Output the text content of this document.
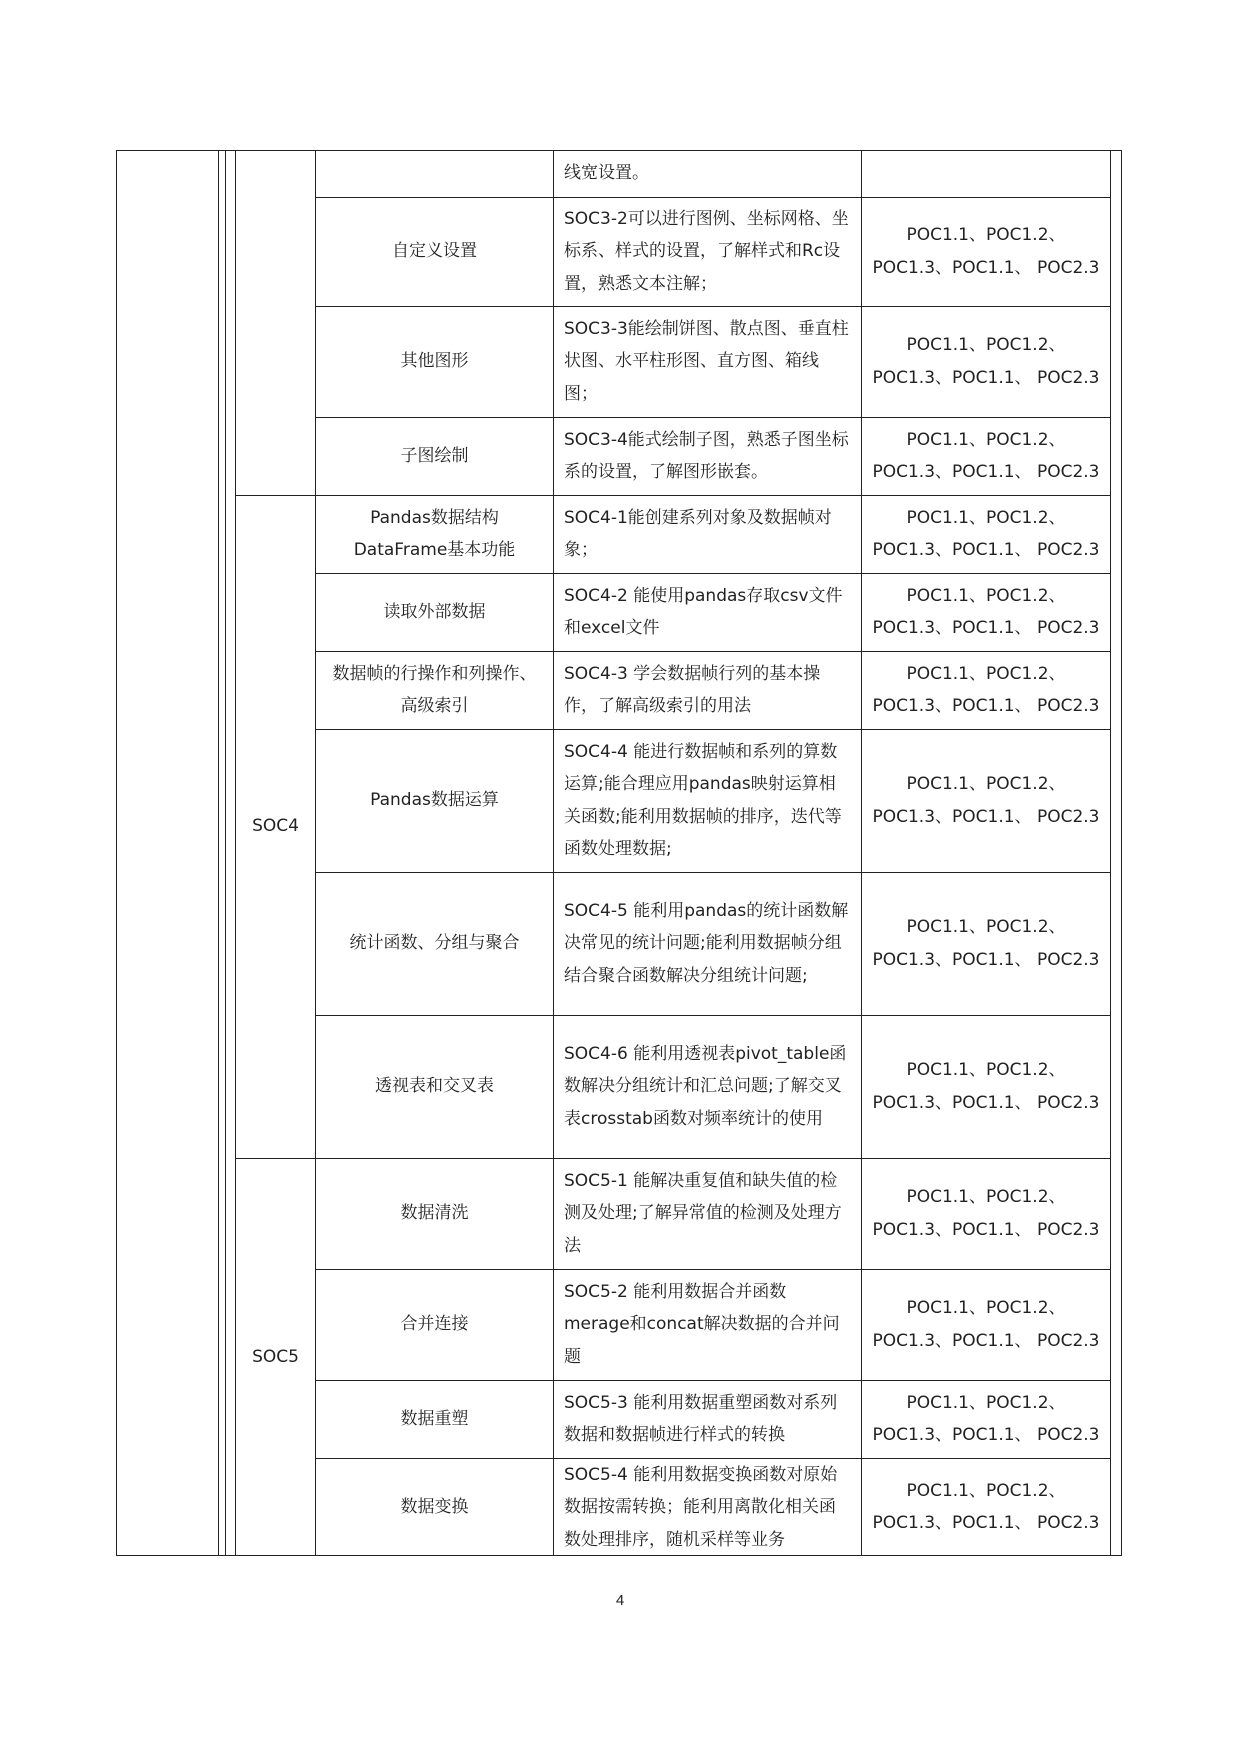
		线宽设置。	
	自定义设置	SOC3-2可以进行图例、坐标网格、坐标系、样式的设置，了解样式和Rc设置，熟悉文本注解；	POC1.1、POC1.2、 POC1.3、POC1.1、 POC2.3
	其他图形	SOC3-3能绘制饼图、散点图、垂直柱状图、水平柱形图、直方图、箱线图；	POC1.1、POC1.2、 POC1.3、POC1.1、 POC2.3
	子图绘制	SOC3-4能式绘制子图，熟悉子图坐标系的设置，了解图形嵌套。	POC1.1、POC1.2、 POC1.3、POC1.1、 POC2.3
SOC4	Pandas数据结构DataFrame基本功能	SOC4-1能创建系列对象及数据帧对象；	POC1.1、POC1.2、 POC1.3、POC1.1、 POC2.3
	读取外部数据	SOC4-2 能使用pandas存取csv文件和excel文件	POC1.1、POC1.2、 POC1.3、POC1.1、 POC2.3
	数据帧的行操作和列操作、高级索引	SOC4-3 学会数据帧行列的基本操作，了解高级索引的用法	POC1.1、POC1.2、 POC1.3、POC1.1、 POC2.3
	Pandas数据运算	SOC4-4 能进行数据帧和系列的算数运算;能合理应用pandas映射运算相关函数;能利用数据帧的排序，迭代等函数处理数据;	POC1.1、POC1.2、 POC1.3、POC1.1、 POC2.3
	统计函数、分组与聚合	SOC4-5 能利用pandas的统计函数解决常见的统计问题;能利用数据帧分组结合聚合函数解决分组统计问题;	POC1.1、POC1.2、 POC1.3、POC1.1、 POC2.3
	透视表和交叉表	SOC4-6 能利用透视表pivot_table函数解决分组统计和汇总问题;了解交叉表crosstab函数对频率统计的使用	POC1.1、POC1.2、 POC1.3、POC1.1、 POC2.3
SOC5	数据清洗	SOC5-1 能解决重复值和缺失值的检测及处理;了解异常值的检测及处理方法	POC1.1、POC1.2、 POC1.3、POC1.1、 POC2.3
	合并连接	SOC5-2 能利用数据合并函数merage和concat解决数据的合并问题	POC1.1、POC1.2、 POC1.3、POC1.1、 POC2.3
	数据重塑	SOC5-3 能利用数据重塑函数对系列数据和数据帧进行样式的转换	POC1.1、POC1.2、 POC1.3、POC1.1、 POC2.3
	数据变换	SOC5-4 能利用数据变换函数对原始数据按需转换；能利用离散化相关函数处理排序，随机采样等业务	POC1.1、POC1.2、 POC1.3、POC1.1、 POC2.3
4
